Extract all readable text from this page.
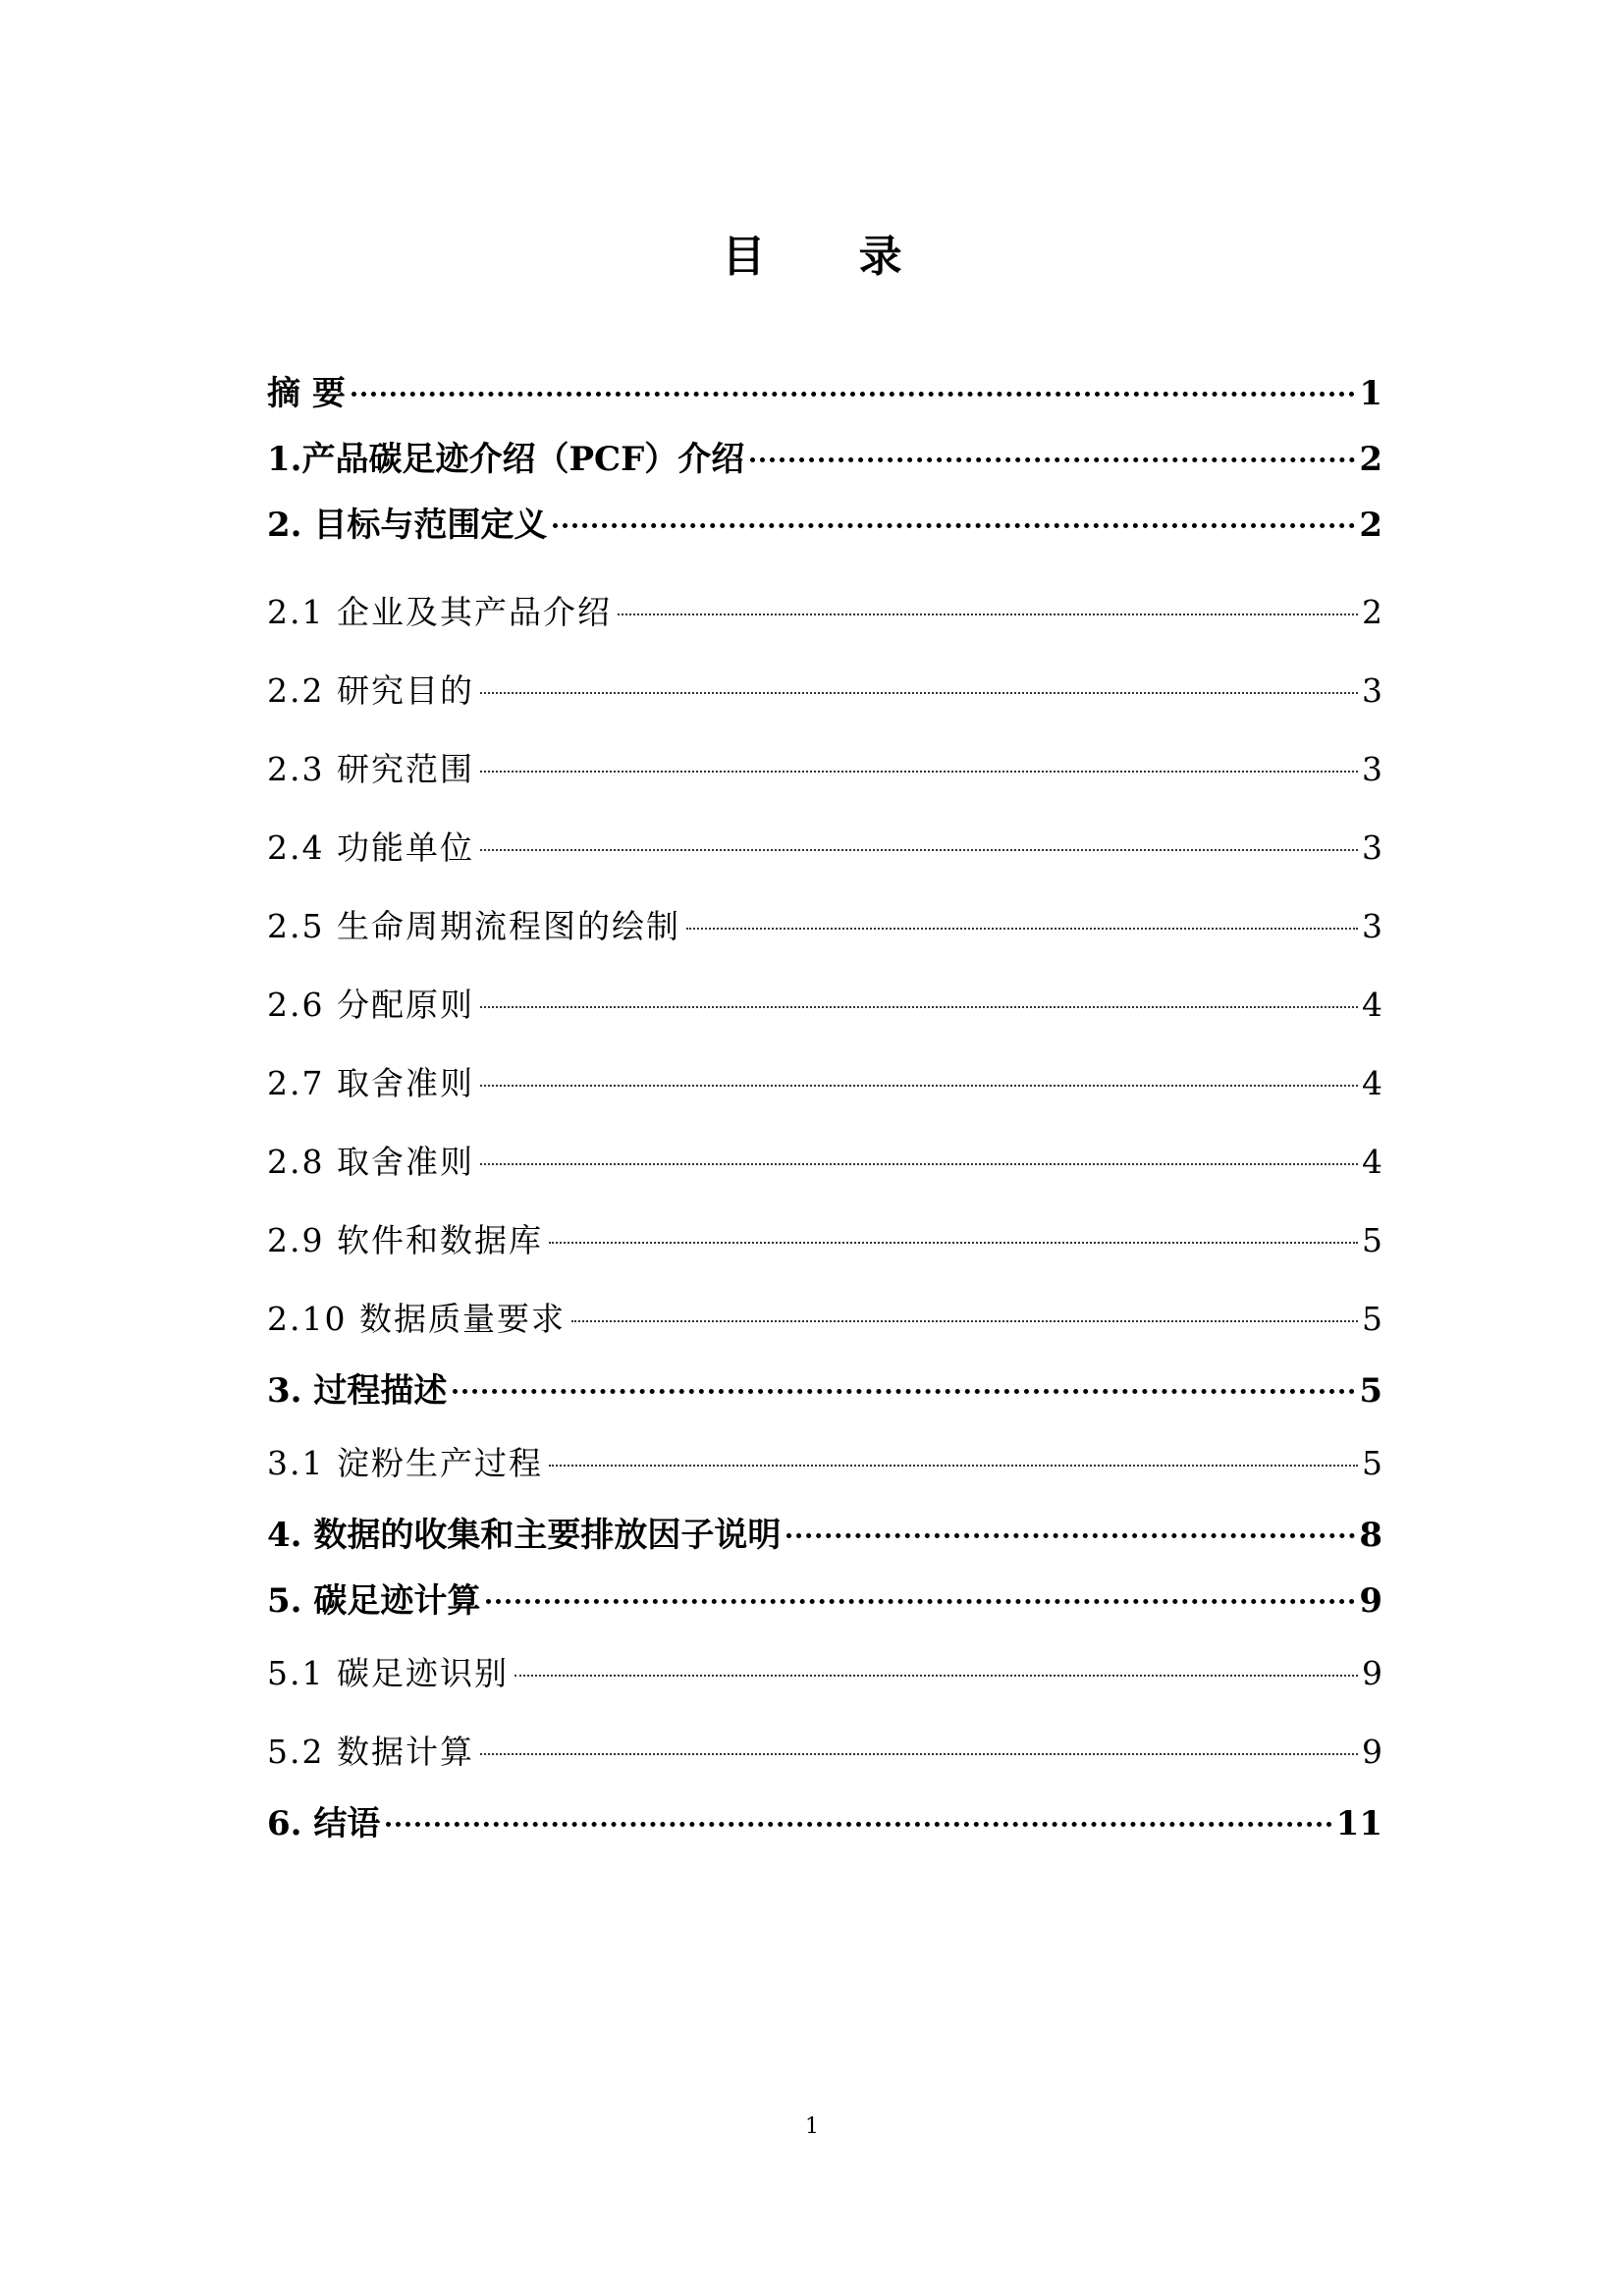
目 录
摘 要	1
1.产品碳足迹介绍（PCF）介绍	2
2. 目标与范围定义	2
2.1 企业及其产品介绍	2
2.2 研究目的	3
2.3 研究范围	3
2.4 功能单位	3
2.5 生命周期流程图的绘制	3
2.6 分配原则	4
2.7 取舍准则	4
2.8 取舍准则	4
2.9 软件和数据库	5
2.10 数据质量要求	5
3. 过程描述	5
3.1 淀粉生产过程	5
4. 数据的收集和主要排放因子说明	8
5. 碳足迹计算	9
5.1 碳足迹识别	9
5.2 数据计算	9
6. 结语	11
1
